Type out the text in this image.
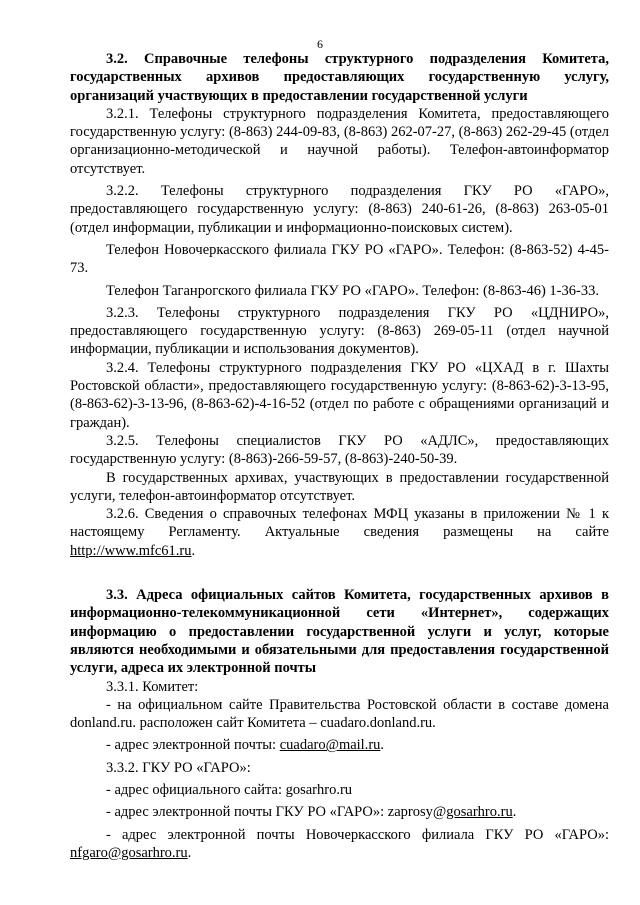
6

3.2. Справочные телефоны структурного подразделения Комитета, государственных архивов предоставляющих государственную услугу, организаций участвующих в предоставлении государственной услуги

3.2.1. Телефоны структурного подразделения Комитета, предоставляющего государственную услугу: (8-863) 244-09-83, (8-863) 262-07-27, (8-863) 262-29-45 (отдел организационно-методической и научной работы). Телефон-автоинформатор отсутствует.

3.2.2. Телефоны структурного подразделения ГКУ РО «ГАРО», предоставляющего государственную услугу: (8-863) 240-61-26, (8-863) 263-05-01 (отдел информации, публикации и информационно-поисковых систем).

Телефон Новочеркасского филиала ГКУ РО «ГАРО». Телефон: (8-863-52) 4-45-73.

Телефон Таганрогского филиала ГКУ РО «ГАРО». Телефон: (8-863-46) 1-36-33.

3.2.3. Телефоны структурного подразделения ГКУ РО «ЦДНИРО», предоставляющего государственную услугу: (8-863) 269-05-11 (отдел научной информации, публикации и использования документов).

3.2.4. Телефоны структурного подразделения ГКУ РО «ЦХАД в г. Шахты Ростовской области», предоставляющего государственную услугу: (8-863-62)-3-13-95, (8-863-62)-3-13-96, (8-863-62)-4-16-52 (отдел по работе с обращениями организаций и граждан).

3.2.5. Телефоны специалистов ГКУ РО «АДЛС», предоставляющих государственную услугу: (8-863)-266-59-57, (8-863)-240-50-39.

В государственных архивах, участвующих в предоставлении государственной услуги, телефон-автоинформатор отсутствует.

3.2.6. Сведения о справочных телефонах МФЦ указаны в приложении № 1 к настоящему Регламенту. Актуальные сведения размещены на сайте http://www.mfc61.ru.

3.3. Адреса официальных сайтов Комитета, государственных архивов в информационно-телекоммуникационной сети «Интернет», содержащих информацию о предоставлении государственной услуги и услуг, которые являются необходимыми и обязательными для предоставления государственной услуги, адреса их электронной почты

3.3.1. Комитет:

- на официальном сайте Правительства Ростовской области в составе домена donland.ru. расположен сайт Комитета – cuadaro.donland.ru.

- адрес электронной почты: cuadaro@mail.ru.

3.3.2. ГКУ РО «ГАРО»:

- адрес официального сайта: gosarhro.ru

- адрес электронной почты ГКУ РО «ГАРО»: zaprosy@gosarhro.ru.

- адрес электронной почты Новочеркасского филиала ГКУ РО «ГАРО»: nfgaro@gosarhro.ru.
